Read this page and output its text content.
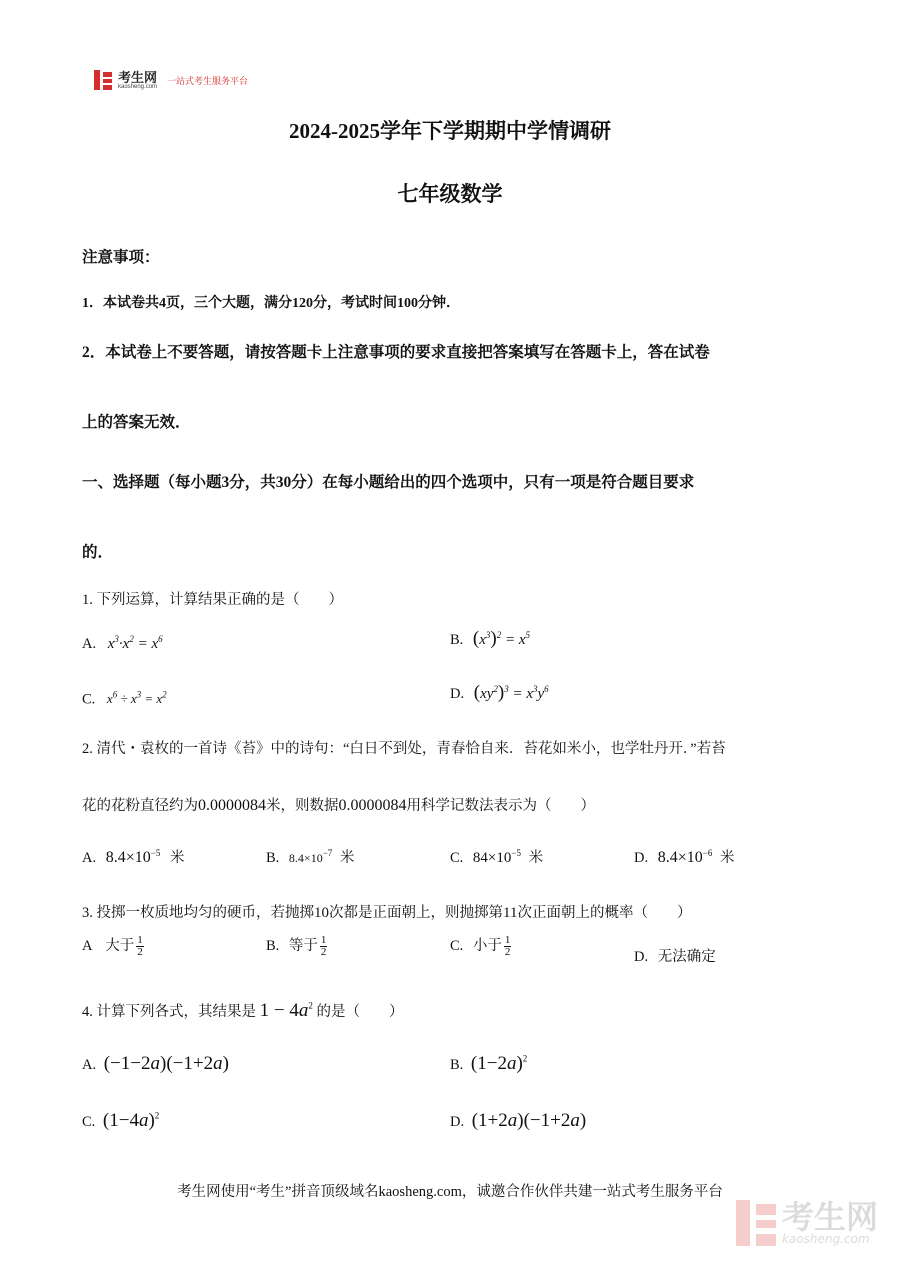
考生网
kaosheng.com 一站式考生服务平台
2024-2025学年下学期期中学情调研
七年级数学
注意事项：
1．本试卷共4页，三个大题，满分120分，考试时间100分钟．
2．本试卷上不要答题，请按答题卡上注意事项的要求直接把答案填写在答题卡上，答在试卷
上的答案无效．
一、选择题（每小题3分，共30分）在每小题给出的四个选项中，只有一项是符合题目要求
的．
1. 下列运算，计算结果正确的是（　　）
A. $x^3\cdot x^2 = x^6$	B. $(x^3)^2 = x^5$
C. $x^6 \div x^3 = x^2$	D. $(xy^2)^3 = x^3y^6$
2. 清代・袁枚的一首诗《苔》中的诗句：“白日不到处，青春恰自来．苔花如米小，也学牡丹开．”若苔
花的花粉直径约为0.0000084米，则数据0.0000084用科学记数法表示为（　　）
A. $8.4\times 10^{-5}$ 米	B. $8.4\times 10^{-7}$ 米	C. $84\times 10^{-5}$ 米	D. $8.4\times 10^{-6}$ 米
3. 投掷一枚质地均匀的硬币，若抛掷10次都是正面朝上，则抛掷第11次正面朝上的概率（　　）
A 大于 $\frac{1}{2}$	B. 等于 $\frac{1}{2}$	C. 小于 $\frac{1}{2}$	D. 无法确定
4. 计算下列各式，其结果是 $1 - 4a^2$ 的是（　　）
A. (−1−2a)(−1+2a)	B. $(1-2a)^2$
C. $(1-4a)^2$	D. (1+2a)(−1+2a)
考生网使用“考生”拼音顶级域名kaosheng.com，诚邀合作伙伴共建一站式考生服务平台
考生网
kaosheng.com
